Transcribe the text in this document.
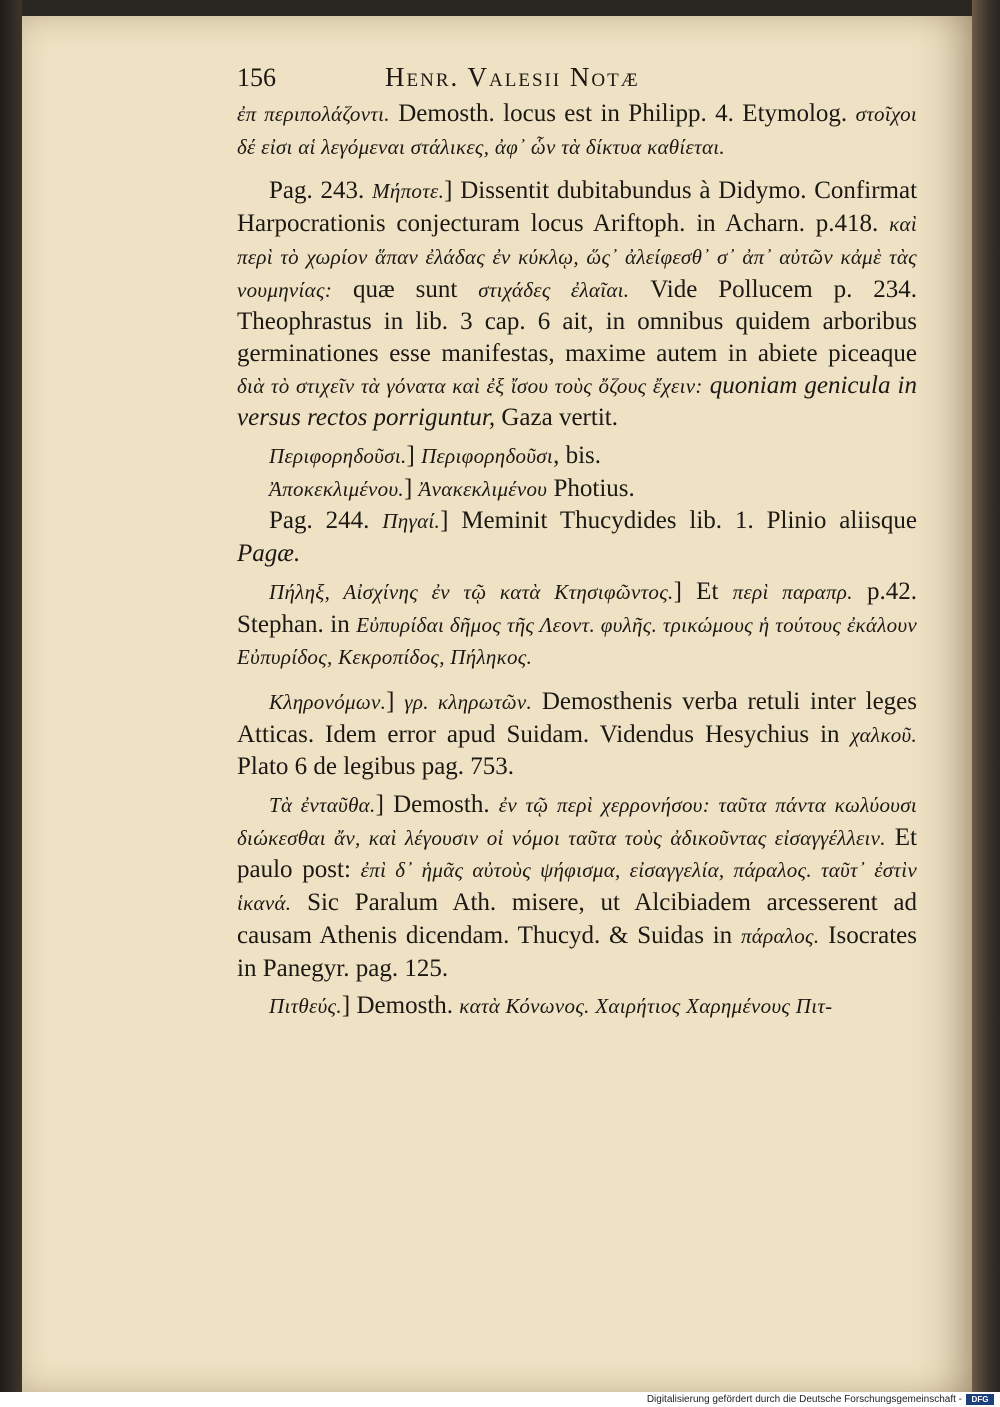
156	Henr. Valesii Notæ

ἐπ περιπολάζοντι. Demosth. locus est in Philipp. 4. Etymolog. στοῖχοι δέ εἰσι αἱ λεγόμεναι στάλικες, ἀφ᾽ ὧν τὰ δίκτυα καθίεται.

Pag. 243. Μήποτε.] Dissentit dubitabundus à Didymo. Confirmat Harpocrationis conjecturam locus Ariftoph. in Acharn. p.418. καὶ περὶ τὸ χωρίον ἅπαν ἐλάδας ἐν κύκλῳ, ὥς᾽ ἀλείφεσθ᾽ σ᾽ ἀπ᾽ αὐτῶν κἀμὲ τὰς νουμηνίας: quæ sunt στιχάδες ἐλαῖαι. Vide Pollucem p. 234. Theophrastus in lib. 3 cap. 6 ait, in omnibus quidem arboribus germinationes esse manifestas, maxime autem in abiete piceaque διὰ τὸ στιχεῖν τὰ γόνατα καὶ ἐξ ἴσου τοὺς ὄζους ἔχειν: quoniam genicula in versus rectos porriguntur, Gaza vertit.

Περιφορηδοῦσι.] Περιφορηδοῦσι, bis.

Ἀποκεκλιμένου.] Ἀνακεκλιμένου Photius.

Pag. 244. Πηγαί.] Meminit Thucydides lib. 1. Plinio aliisque Pagæ.

Πήληξ, Αἰσχίνης ἐν τῷ κατὰ Κτησιφῶντος.] Et περὶ παραπρ. p.42. Stephan. in Εὐπυρίδαι δῆμος τῆς Λεοντ. φυλῆς. τρικώμους ἡ τούτους ἐκάλουν Εὐπυρίδος, Κεκροπίδος, Πήληκος.

Κληρονόμων.] γρ. κληρωτῶν. Demosthenis verba retuli inter leges Atticas. Idem error apud Suidam. Videndus Hesychius in χαλκοῦ. Plato 6 de legibus pag. 753.

Τὰ ἐνταῦθα.] Demosth. ἐν τῷ περὶ χερρονήσου: ταῦτα πάντα κωλύουσι διώκεσθαι ἄν, καὶ λέγουσιν οἱ νόμοι ταῦτα τοὺς ἀδικοῦντας εἰσαγγέλλειν. Et paulo post: ἐπὶ δ᾽ ἡμᾶς αὐτοὺς ψήφισμα, εἰσαγγελία, πάραλος. ταῦτ᾽ ἐστὶν ἱκανά. Sic Paralum Ath. misere, ut Alcibiadem arcesserent ad causam Athenis dicendam. Thucyd. & Suidas in πάραλος. Isocrates in Panegyr. pag. 125.

Πιτθεύς.] Demosth. κατὰ Κόνωνος. Χαιρήτιος Χαρημένους Πιτ-

Digitalisierung gefördert durch die Deutsche Forschungsgemeinschaft -	DFG
